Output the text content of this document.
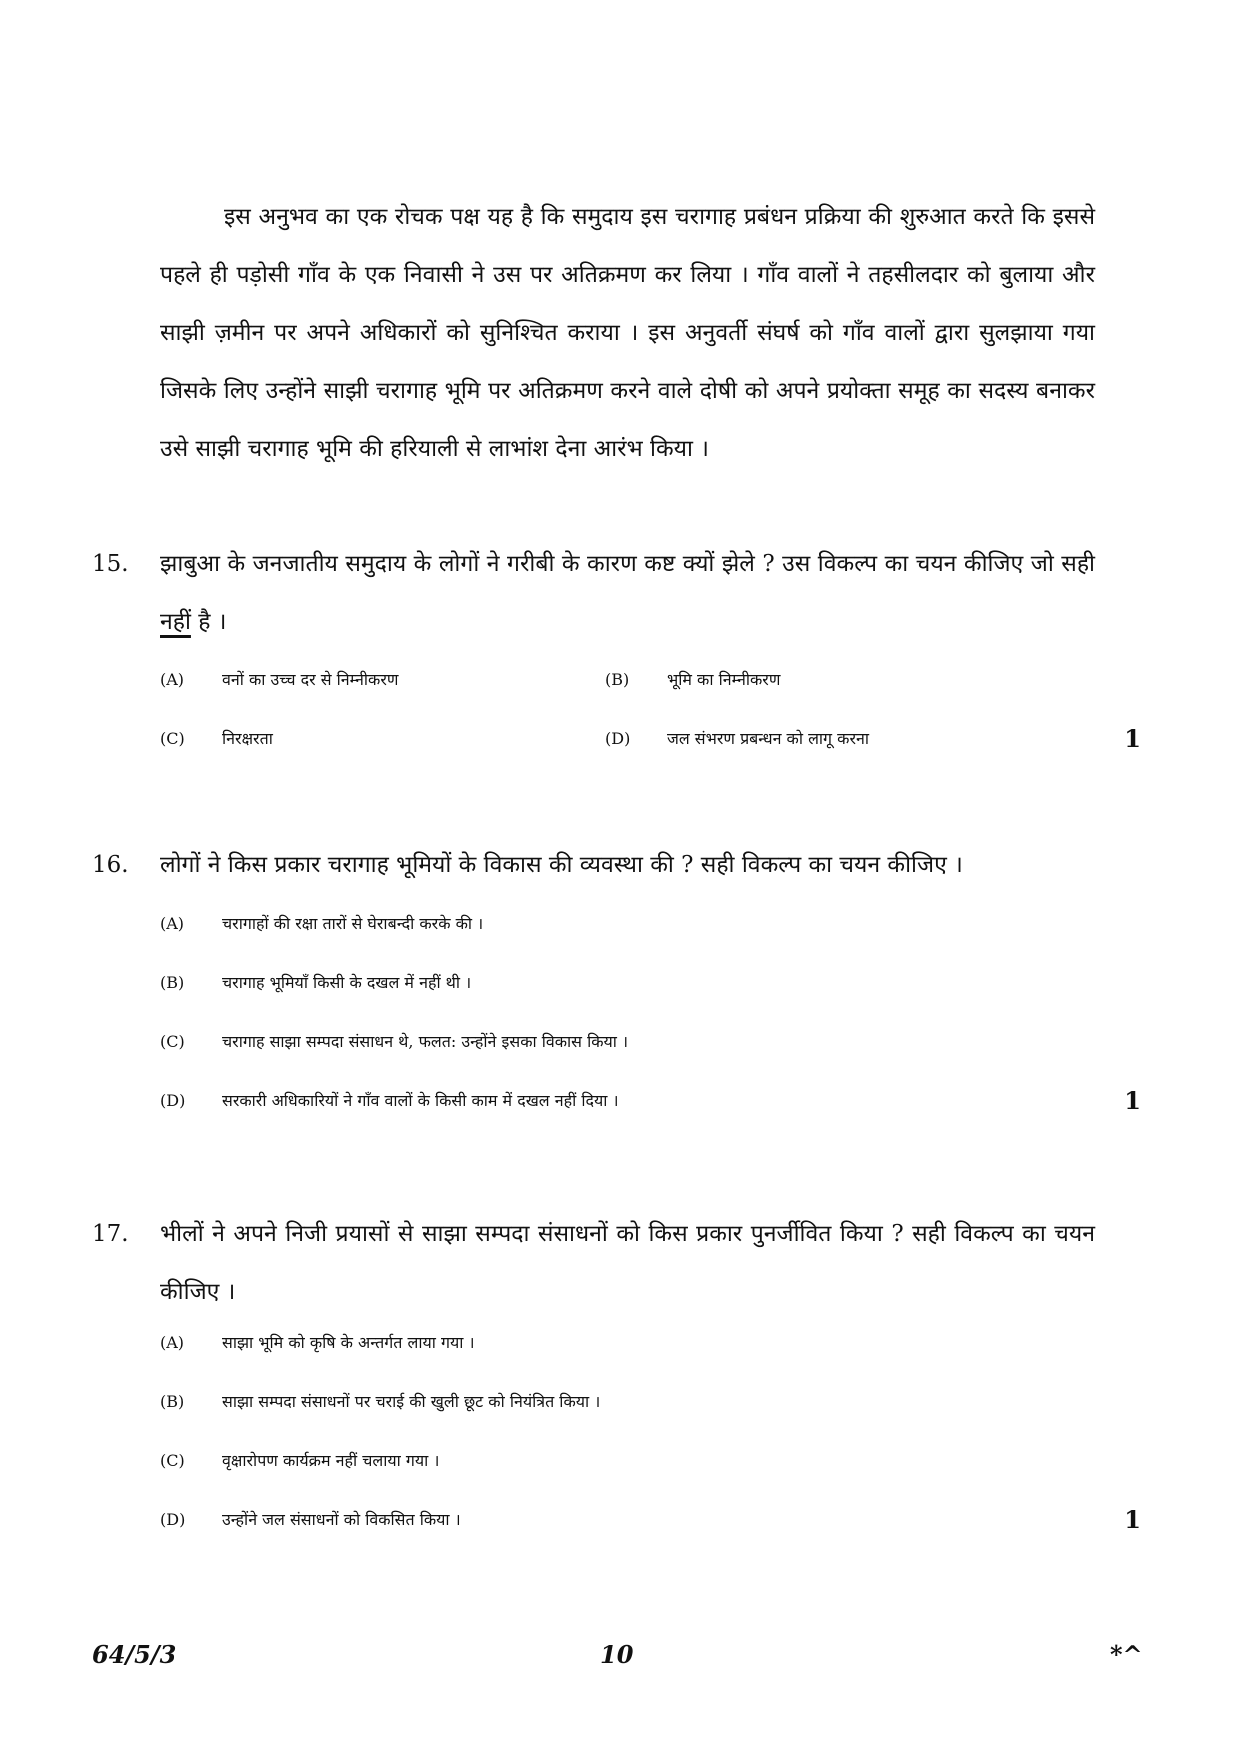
इस अनुभव का एक रोचक पक्ष यह है कि समुदाय इस चरागाह प्रबंधन प्रक्रिया की शुरुआत करते कि इससे पहले ही पड़ोसी गाँव के एक निवासी ने उस पर अतिक्रमण कर लिया । गाँव वालों ने तहसीलदार को बुलाया और साझी ज़मीन पर अपने अधिकारों को सुनिश्चित कराया । इस अनुवर्ती संघर्ष को गाँव वालों द्वारा सुलझाया गया जिसके लिए उन्होंने साझी चरागाह भूमि पर अतिक्रमण करने वाले दोषी को अपने प्रयोक्ता समूह का सदस्य बनाकर उसे साझी चरागाह भूमि की हरियाली से लाभांश देना आरंभ किया ।
15.	झाबुआ के जनजातीय समुदाय के लोगों ने गरीबी के कारण कष्ट क्यों झेले ? उस विकल्प का चयन कीजिए जो सही नहीं है ।
(A) वनों का उच्च दर से निम्नीकरण	(B) भूमि का निम्नीकरण
(C) निरक्षरता	(D) जल संभरण प्रबन्धन को लागू करना	1
16.	लोगों ने किस प्रकार चरागाह भूमियों के विकास की व्यवस्था की ? सही विकल्प का चयन कीजिए ।
(A) चरागाहों की रक्षा तारों से घेराबन्दी करके की ।
(B) चरागाह भूमियाँ किसी के दखल में नहीं थी ।
(C) चरागाह साझा सम्पदा संसाधन थे, फलत: उन्होंने इसका विकास किया ।
(D) सरकारी अधिकारियों ने गाँव वालों के किसी काम में दखल नहीं दिया ।	1
17.	भीलों ने अपने निजी प्रयासों से साझा सम्पदा संसाधनों को किस प्रकार पुनर्जीवित किया ? सही विकल्प का चयन कीजिए ।
(A) साझा भूमि को कृषि के अन्तर्गत लाया गया ।
(B) साझा सम्पदा संसाधनों पर चराई की खुली छूट को नियंत्रित किया ।
(C) वृक्षारोपण कार्यक्रम नहीं चलाया गया ।
(D) उन्होंने जल संसाधनों को विकसित किया ।	1
64/5/3	10	*^
